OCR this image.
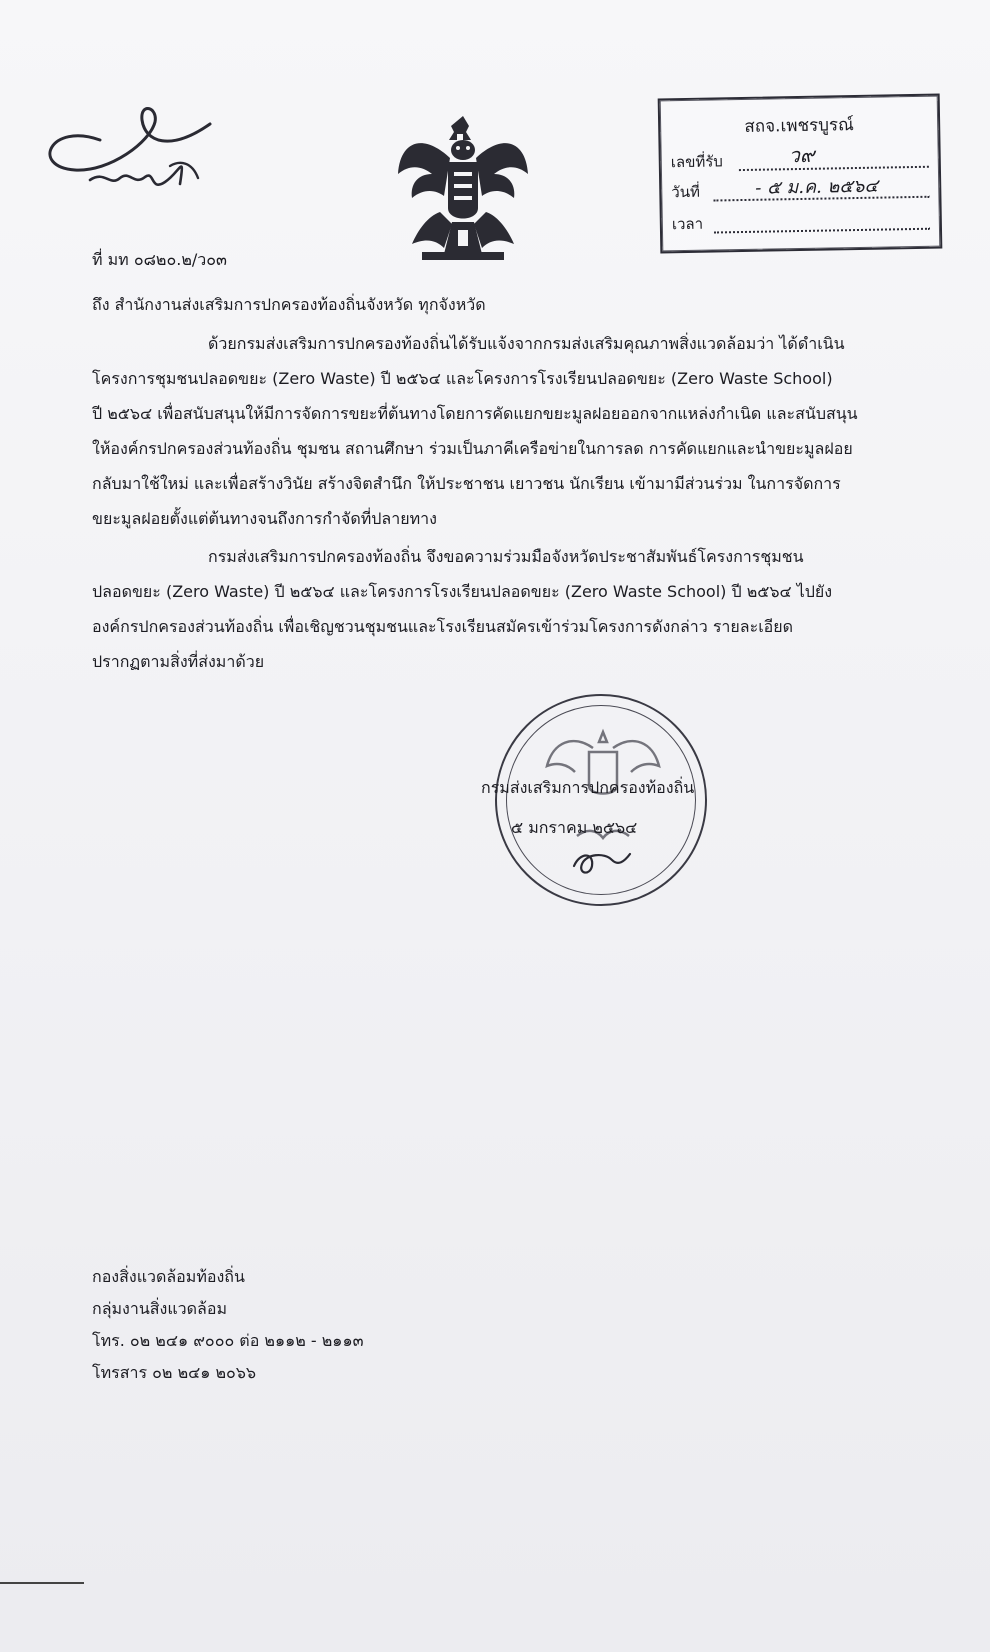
สถจ.เพชรบูรณ์
เลขที่รับ	ว๙
วันที่	- ๕ ม.ค. ๒๕๖๔
เวลา
ที่ มท ๐๘๒๐.๒/ว๐๓
ถึง สำนักงานส่งเสริมการปกครองท้องถิ่นจังหวัด ทุกจังหวัด
ด้วยกรมส่งเสริมการปกครองท้องถิ่นได้รับแจ้งจากกรมส่งเสริมคุณภาพสิ่งแวดล้อมว่า ได้ดำเนิน
โครงการชุมชนปลอดขยะ (Zero Waste) ปี ๒๕๖๔ และโครงการโรงเรียนปลอดขยะ (Zero Waste School)
ปี ๒๕๖๔ เพื่อสนับสนุนให้มีการจัดการขยะที่ต้นทางโดยการคัดแยกขยะมูลฝอยออกจากแหล่งกำเนิด และสนับสนุน
ให้องค์กรปกครองส่วนท้องถิ่น ชุมชน สถานศึกษา ร่วมเป็นภาคีเครือข่ายในการลด การคัดแยกและนำขยะมูลฝอย
กลับมาใช้ใหม่ และเพื่อสร้างวินัย สร้างจิตสำนึก ให้ประชาชน เยาวชน นักเรียน เข้ามามีส่วนร่วม ในการจัดการ
ขยะมูลฝอยตั้งแต่ต้นทางจนถึงการกำจัดที่ปลายทาง
กรมส่งเสริมการปกครองท้องถิ่น จึงขอความร่วมมือจังหวัดประชาสัมพันธ์โครงการชุมชน
ปลอดขยะ (Zero Waste) ปี ๒๕๖๔ และโครงการโรงเรียนปลอดขยะ (Zero Waste School) ปี ๒๕๖๔ ไปยัง
องค์กรปกครองส่วนท้องถิ่น เพื่อเชิญชวนชุมชนและโรงเรียนสมัครเข้าร่วมโครงการดังกล่าว รายละเอียด
ปรากฏตามสิ่งที่ส่งมาด้วย
กรมส่งเสริมการปกครองท้องถิ่น
๕ มกราคม ๒๕๖๔
กองสิ่งแวดล้อมท้องถิ่น
กลุ่มงานสิ่งแวดล้อม
โทร. ๐๒ ๒๔๑ ๙๐๐๐ ต่อ ๒๑๑๒ - ๒๑๑๓
โทรสาร ๐๒ ๒๔๑ ๒๐๖๖
